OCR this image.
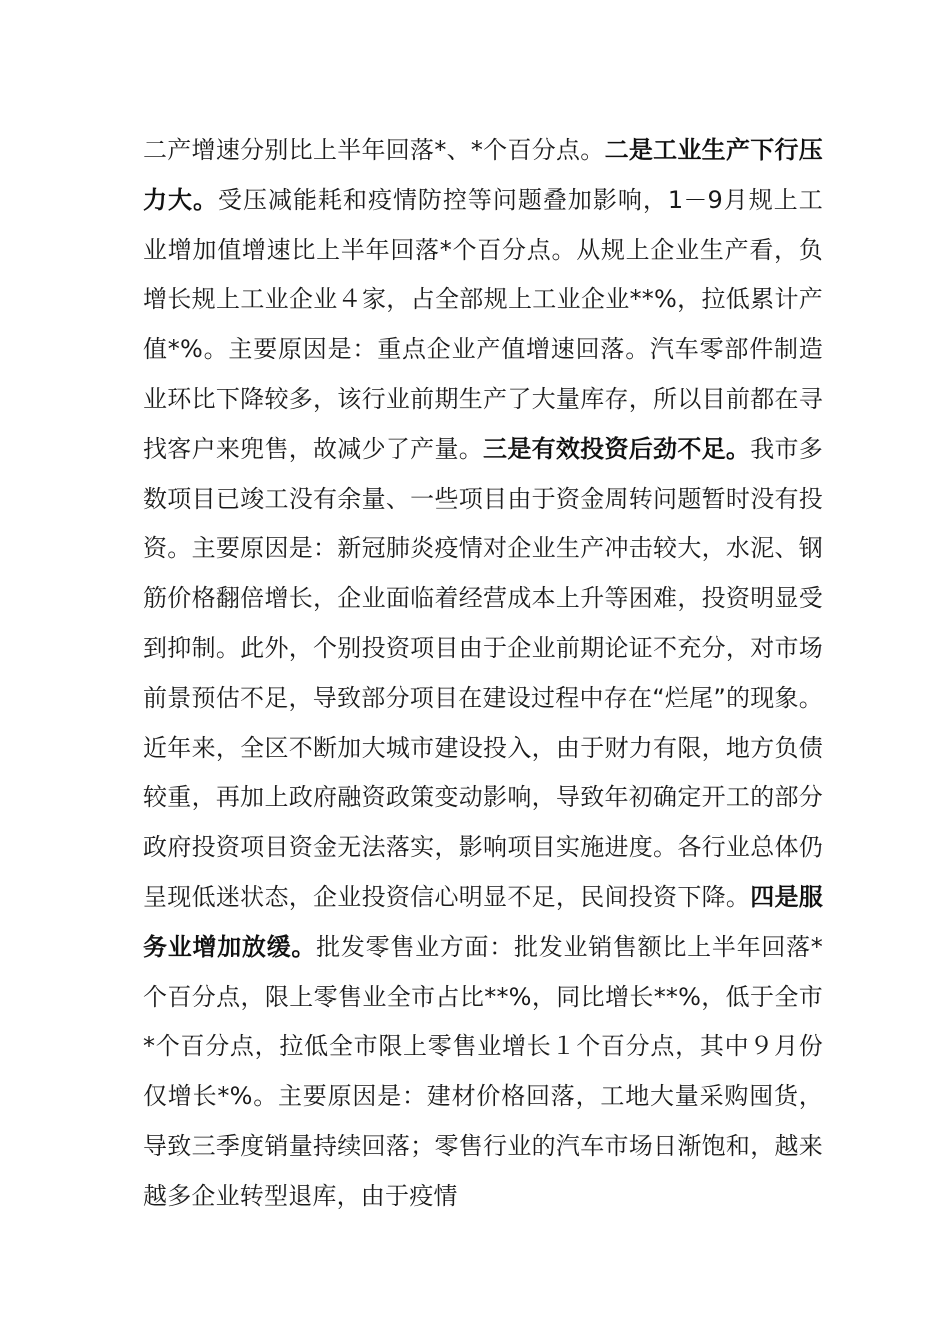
二产增速分别比上半年回落*、*个百分点。二是工业生产下行压力大。受压减能耗和疫情防控等问题叠加影响，1－9月规上工业增加值增速比上半年回落*个百分点。从规上企业生产看，负增长规上工业企业４家，占全部规上工业企业**%，拉低累计产值*%。主要原因是：重点企业产值增速回落。汽车零部件制造业环比下降较多，该行业前期生产了大量库存，所以目前都在寻找客户来兜售，故减少了产量。三是有效投资后劲不足。我市多数项目已竣工没有余量、一些项目由于资金周转问题暂时没有投资。主要原因是：新冠肺炎疫情对企业生产冲击较大，水泥、钢筋价格翻倍增长，企业面临着经营成本上升等困难，投资明显受到抑制。此外，个别投资项目由于企业前期论证不充分，对市场前景预估不足，导致部分项目在建设过程中存在“烂尾”的现象。近年来，全区不断加大城市建设投入，由于财力有限，地方负债较重，再加上政府融资政策变动影响，导致年初确定开工的部分政府投资项目资金无法落实，影响项目实施进度。各行业总体仍呈现低迷状态，企业投资信心明显不足，民间投资下降。四是服务业增加放缓。批发零售业方面：批发业销售额比上半年回落*个百分点，限上零售业全市占比**%，同比增长**%，低于全市*个百分点，拉低全市限上零售业增长１个百分点，其中９月份仅增长*%。主要原因是：建材价格回落，工地大量采购囤货，导致三季度销量持续回落；零售行业的汽车市场日渐饱和，越来越多企业转型退库，由于疫情
